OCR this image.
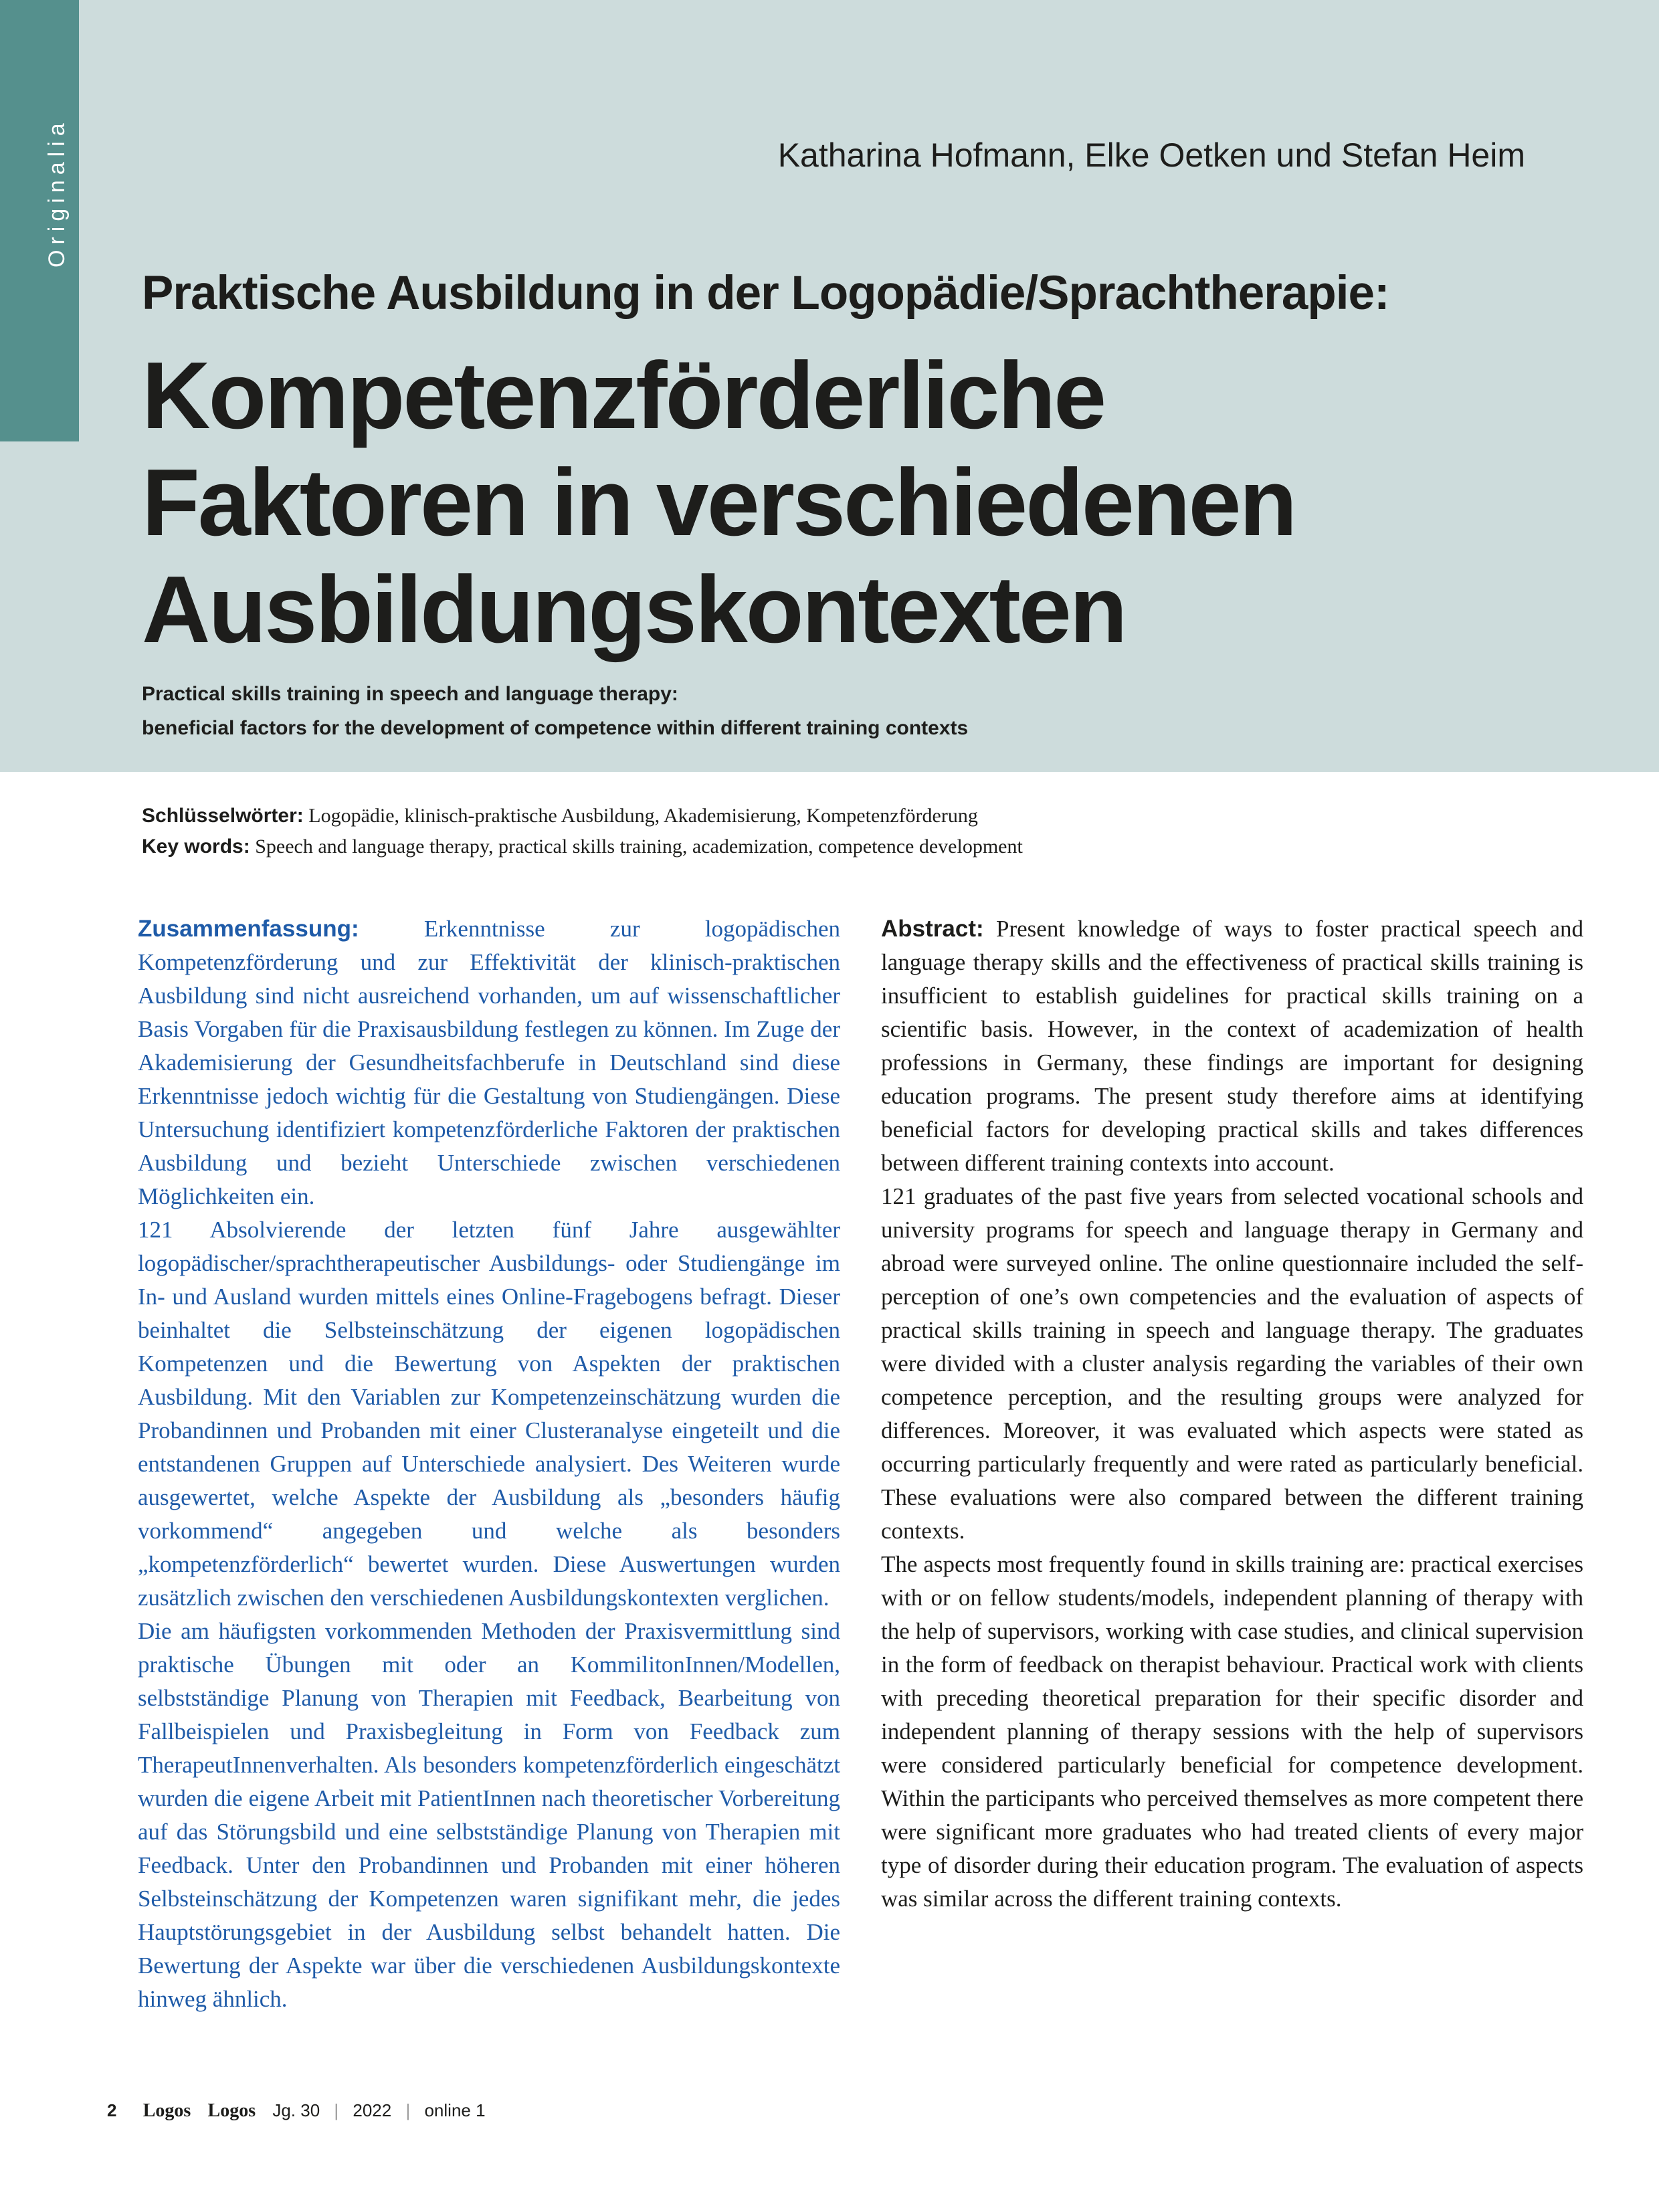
Originalia	Katharina Hofmann, Elke Oetken und Stefan Heim
Praktische Ausbildung in der Logopädie/Sprachtherapie:
Kompetenzförderliche
Faktoren in verschiedenen
Ausbildungskontexten
Practical skills training in speech and language therapy:
beneficial factors for the development of competence within different training contexts
Schlüsselwörter: Logopädie, klinisch-praktische Ausbildung, Akademisierung, Kompetenzförderung
Key words: Speech and language therapy, practical skills training, academization, competence development

Zusammenfassung:	Erkenntnisse zur logopädischen Kompetenzförderung und zur Effektivität der klinisch-praktischen Ausbildung sind nicht ausreichend vorhanden, um auf wissenschaftlicher Basis Vorgaben für die Praxisausbildung festlegen zu können. Im Zuge der Akademisierung der Gesundheitsfachberufe in Deutschland sind diese Erkenntnisse jedoch wichtig für die Gestaltung von Studiengängen. Diese Untersuchung identifiziert kompetenzförderliche Faktoren der praktischen Ausbildung und bezieht Unterschiede zwischen verschiedenen Möglichkeiten ein.

121 Absolvierende der letzten fünf Jahre ausgewählter logopädischer/sprachtherapeutischer Ausbildungs- oder Studiengänge im In- und Ausland wurden mittels eines Online-Fragebogens befragt. Dieser beinhaltet die Selbsteinschätzung der eigenen logopädischen Kompetenzen und die Bewertung von Aspekten der praktischen Ausbildung. Mit den Variablen zur Kompetenzeinschätzung wurden die Probandinnen und Probanden mit einer Clusteranalyse eingeteilt und die entstandenen Gruppen auf Unterschiede analysiert. Des Weiteren wurde ausgewertet, welche Aspekte der Ausbildung als „besonders häufig vorkommend“ angegeben und welche als besonders „kompetenzförderlich“ bewertet wurden. Diese Auswertungen wurden zusätzlich zwischen den verschiedenen Ausbildungskontexten verglichen.

Die am häufigsten vorkommenden Methoden der Praxisvermittlung sind praktische Übungen mit oder an KommilitonInnen/Modellen, selbstständige Planung von Therapien mit Feedback, Bearbeitung von Fallbeispielen und Praxisbegleitung in Form von Feedback zum TherapeutInnenverhalten. Als besonders kompetenzförderlich eingeschätzt wurden die eigene Arbeit mit PatientInnen nach theoretischer Vorbereitung auf das Störungsbild und eine selbstständige Planung von Therapien mit Feedback. Unter den Probandinnen und Probanden mit einer höheren Selbsteinschätzung der Kompetenzen waren signifikant mehr, die jedes Hauptstörungsgebiet in der Ausbildung selbst behandelt hatten. Die Bewertung der Aspekte war über die verschiedenen Ausbildungskontexte hinweg ähnlich.

Abstract: Present knowledge of ways to foster practical speech and language therapy skills and the effectiveness of practical skills training is insufficient to establish guidelines for practical skills training on a scientific basis. However, in the context of academization of health professions in Germany, these findings are important for designing education programs. The present study therefore aims at identifying beneficial factors for developing practical skills and takes differences between different training contexts into account.

121 graduates of the past five years from selected vocational schools and university programs for speech and language therapy in Germany and abroad were surveyed online. The online questionnaire included the self-perception of one’s own competencies and the evaluation of aspects of practical skills training in speech and language therapy. The graduates were divided with a cluster analysis regarding the variables of their own competence perception, and the resulting groups were analyzed for differences. Moreover, it was evaluated which aspects were stated as occurring particularly frequently and were rated as particularly beneficial. These evaluations were also compared between the different training contexts.

The aspects most frequently found in skills training are: practical exercises with or on fellow students/models, independent planning of therapy with the help of supervisors, working with case studies, and clinical supervision in the form of feedback on therapist behaviour. Practical work with clients with preceding theoretical preparation for their specific disorder and independent planning of therapy sessions with the help of supervisors were considered particularly beneficial for competence development. Within the participants who perceived themselves as more competent there were significant more graduates who had treated clients of every major type of disorder during their education program. The evaluation of aspects was similar across the different training contexts.

2 Logos Logos Jg. 30 | 2022 | online 1
